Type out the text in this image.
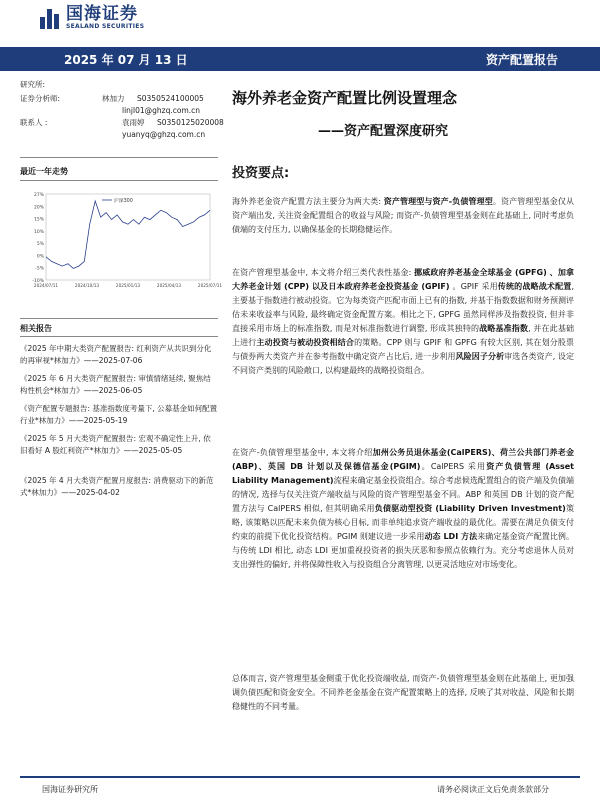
国海证券
SEALAND SECURITIES
2025 年 07 月 13 日	资产配置报告
研究所:
证券分析师:	林加力 S0350524100005
linjl01@ghzq.com.cn
联系人 :	袁雨婷 S0350125020008
yuanyq@ghzq.com.cn
海外养老金资产配置比例设置理念
——资产配置深度研究
最近一年走势
27%
20%
15%
10%
5%
0%
-5%
-10%
2024/07/11	2024/10/13	2025/01/13	2025/04/13	2025/07/11
沪深300
相关报告
《2025 年中期大类资产配置报告: 红利资产从共识到分化的再审视*林加力》——2025-07-06
《2025 年 6 月大类资产配置报告: 审慎情绪延续, 聚焦结构性机会*林加力》——2025-06-05
《资产配置专题报告: 基准指数度考量下, 公募基金如何配置行业*林加力》——2025-05-19
《2025 年 5 月大类资产配置报告: 宏观不确定性上升, 依旧看好 A 股红利资产*林加力》——2025-05-05
《2025 年 4 月大类资产配置月度报告: 消费驱动下的新范式*林加力》——2025-04-02
投资要点:
海外养老金资产配置方法主要分为两大类: 资产管理型与资产-负债管理型。资产管理型基金仅从资产端出发, 关注资金配置组合的收益与风险; 而资产-负债管理型基金则在此基础上, 同时考虑负债端的支付压力, 以确保基金的长期稳健运作。
在资产管理型基金中, 本文将介绍三类代表性基金: 挪威政府养老基金全球基金 (GPFG) 、加拿大养老金计划 (CPP) 以及日本政府养老金投资基金 (GPIF) 。GPIF 采用传统的战略战术配置, 主要基于指数进行被动投资。它为每类资产匹配市面上已有的指数, 并基于指数数据和财务预测评估未来收益率与风险, 最终确定资金配置方案。相比之下, GPFG 虽然同样涉及指数投资, 但并非直接采用市场上的标准指数, 而是对标准指数进行调整, 形成其独特的战略基准指数, 并在此基础上进行主动投资与被动投资相结合的策略。CPP 则与 GPIF 和 GPFG 有较大区别, 其在划分股票与债券两大类资产并在参考指数中确定资产占比后, 进一步利用风险因子分析审选各类资产, 设定不同资产类别的风险敞口, 以构建最终的战略投资组合。
在资产-负债管理型基金中, 本文将介绍加州公务员退休基金(CalPERS)、荷兰公共部门养老金(ABP)、英国 DB 计划以及保德信基金(PGIM)。CalPERS 采用资产负债管理 (Asset Liability Management)流程来确定基金投资组合。综合考虑候选配置组合的资产端及负债端的情况, 选择与仅关注资产端收益与风险的资产管理型基金不同。ABP 和英国 DB 计划的资产配置方法与 CalPERS 相似, 但其明确采用负债驱动型投资 (Liability Driven Investment)策略, 该策略以匹配未来负债为核心目标, 而非单纯追求资产端收益的最优化。需要在满足负债支付约束的前提下优化投资结构。PGIM 则建议进一步采用动态 LDI 方法来确定基金资产配置比例。与传统 LDI 相比, 动态 LDI 更加重视投资者的损失厌恶和参照点依赖行为。充分考虑退休人员对支出弹性的偏好, 并将保障性收入与投资组合分离管理, 以更灵活地应对市场变化。
总体而言, 资产管理型基金侧重于优化投资端收益, 而资产-负债管理型基金则在此基础上, 更加强调负债匹配和资金安全。不同养老金基金在资产配置策略上的选择, 反映了其对收益、风险和长期稳健性的不同考量。
国海证券研究所	请务必阅读正文后免责条款部分
